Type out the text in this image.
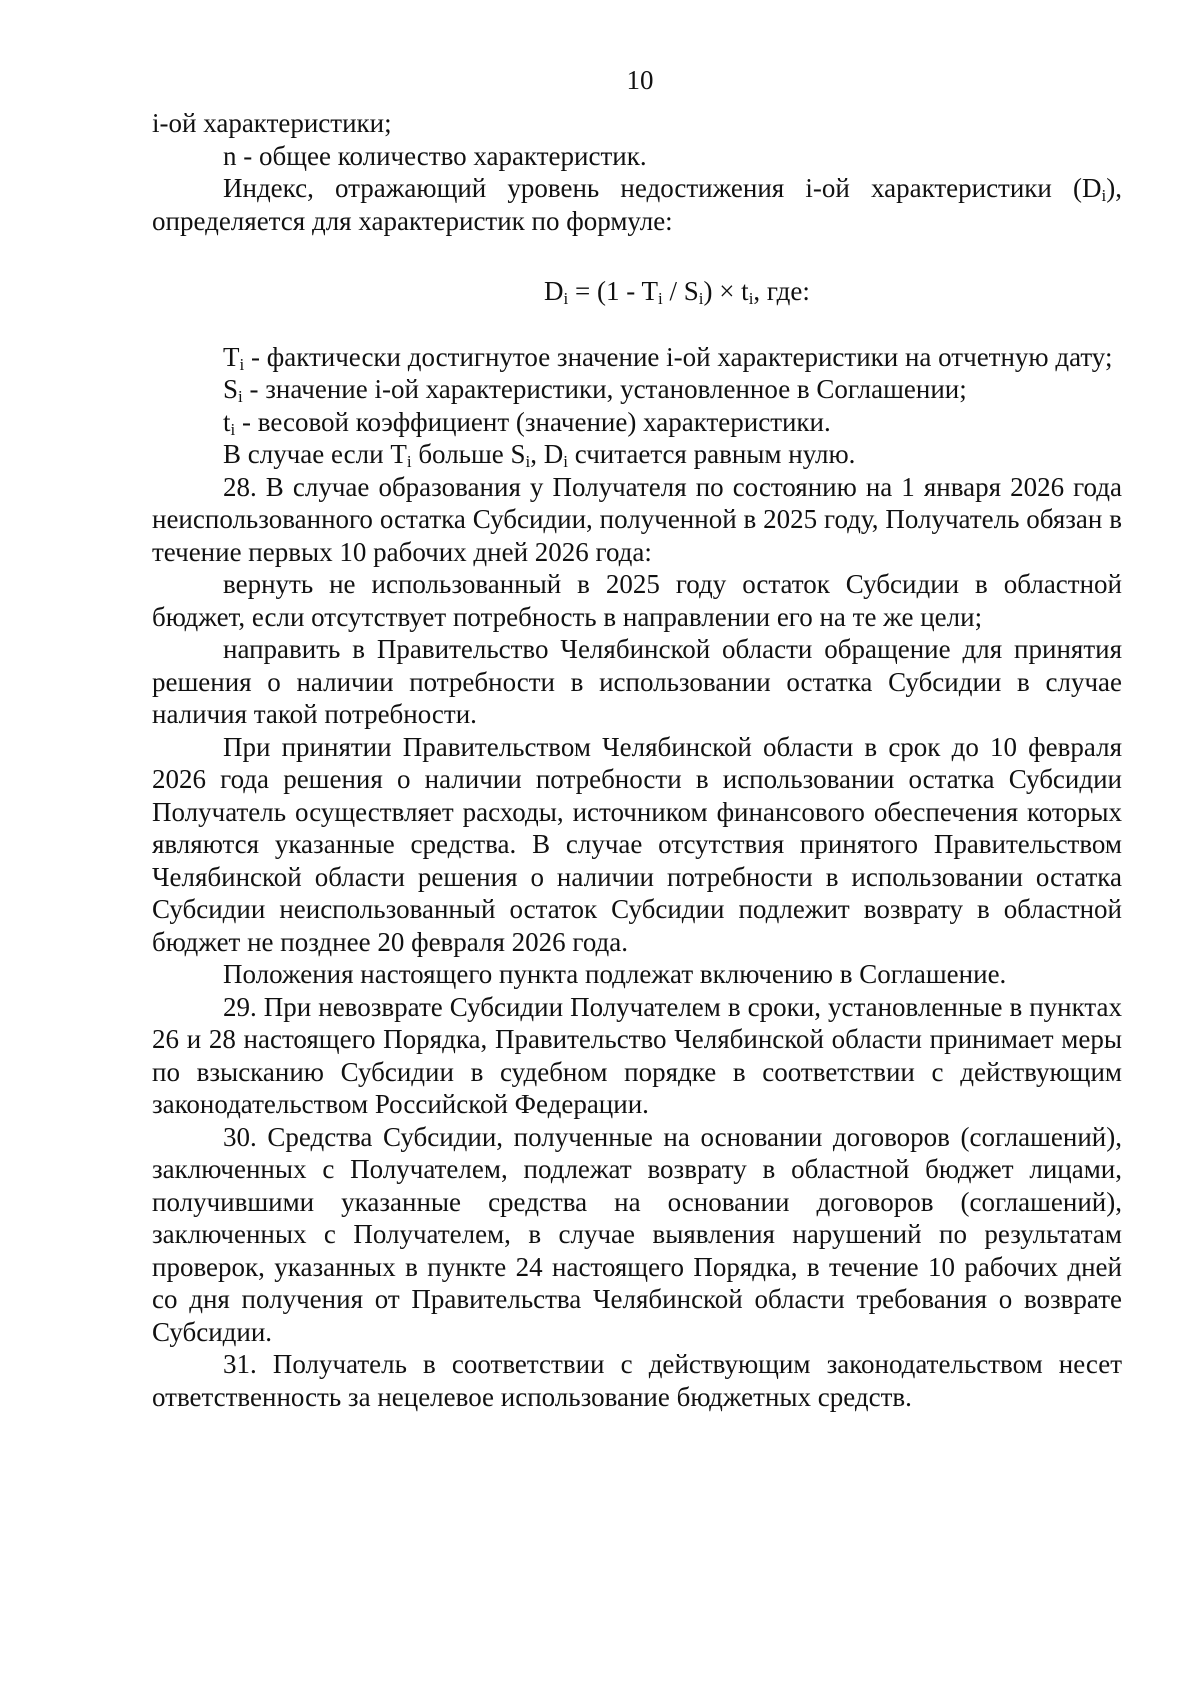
10

i-ой характеристики;

n - общее количество характеристик.

Индекс, отражающий уровень недостижения i-ой характеристики $(D_i)$, определяется для характеристик по формуле:

$D_i = (1 - T_i / S_i) \times t_i$, где:

$T_i$ - фактически достигнутое значение i-ой характеристики на отчетную дату;

$S_i$ - значение i-ой характеристики, установленное в Соглашении;

$t_i$ - весовой коэффициент (значение) характеристики.

В случае если $T_i$ больше $S_i$, $D_i$ считается равным нулю.

28. В случае образования у Получателя по состоянию на 1 января 2026 года неиспользованного остатка Субсидии, полученной в 2025 году, Получатель обязан в течение первых 10 рабочих дней 2026 года:

вернуть не использованный в 2025 году остаток Субсидии в областной бюджет, если отсутствует потребность в направлении его на те же цели;

направить в Правительство Челябинской области обращение для принятия решения о наличии потребности в использовании остатка Субсидии в случае наличия такой потребности.

При принятии Правительством Челябинской области в срок до 10 февраля 2026 года решения о наличии потребности в использовании остатка Субсидии Получатель осуществляет расходы, источником финансового обеспечения которых являются указанные средства. В случае отсутствия принятого Правительством Челябинской области решения о наличии потребности в использовании остатка Субсидии неиспользованный остаток Субсидии подлежит возврату в областной бюджет не позднее 20 февраля 2026 года.

Положения настоящего пункта подлежат включению в Соглашение.

29. При невозврате Субсидии Получателем в сроки, установленные в пунктах 26 и 28 настоящего Порядка, Правительство Челябинской области принимает меры по взысканию Субсидии в судебном порядке в соответствии с действующим законодательством Российской Федерации.

30. Средства Субсидии, полученные на основании договоров (соглашений), заключенных с Получателем, подлежат возврату в областной бюджет лицами, получившими указанные средства на основании договоров (соглашений), заключенных с Получателем, в случае выявления нарушений по результатам проверок, указанных в пункте 24 настоящего Порядка, в течение 10 рабочих дней со дня получения от Правительства Челябинской области требования о возврате Субсидии.

31. Получатель в соответствии с действующим законодательством несет ответственность за нецелевое использование бюджетных средств.
